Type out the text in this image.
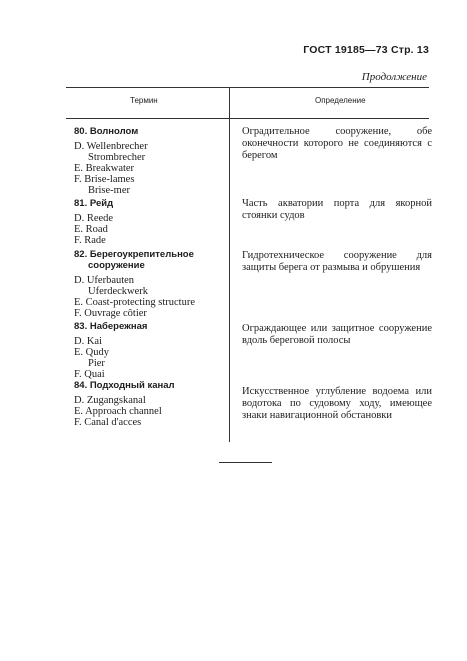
ГОСТ 19185—73 Стр. 13
Продолжение
Термин	Определение
80. Волнолом
D. Wellenbrecher
Strombrecher
E. Breakwater
F. Brise-lames
Brise-mer
Оградительное сооружение, обе оконечности которого не соединяются с берегом
81. Рейд
D. Reede
E. Road
F. Rade
Часть акватории порта для якорной стоянки судов
82. Берегоукрепительное сооружение
D. Uferbauten
Uferdeckwerk
E. Coast-protecting structure
F. Ouvrage côtier
Гидротехническое сооружение для защиты берега от размыва и обрушения
83. Набережная
D. Kai
E. Qudy
Pier
F. Quai
Ограждающее или защитное сооружение вдоль береговой полосы
84. Подходный канал
D. Zugangskanal
E. Approach channel
F. Canal d'acces
Искусственное углубление водоема или водотока по судовому ходу, имеющее знаки навигационной обстановки
